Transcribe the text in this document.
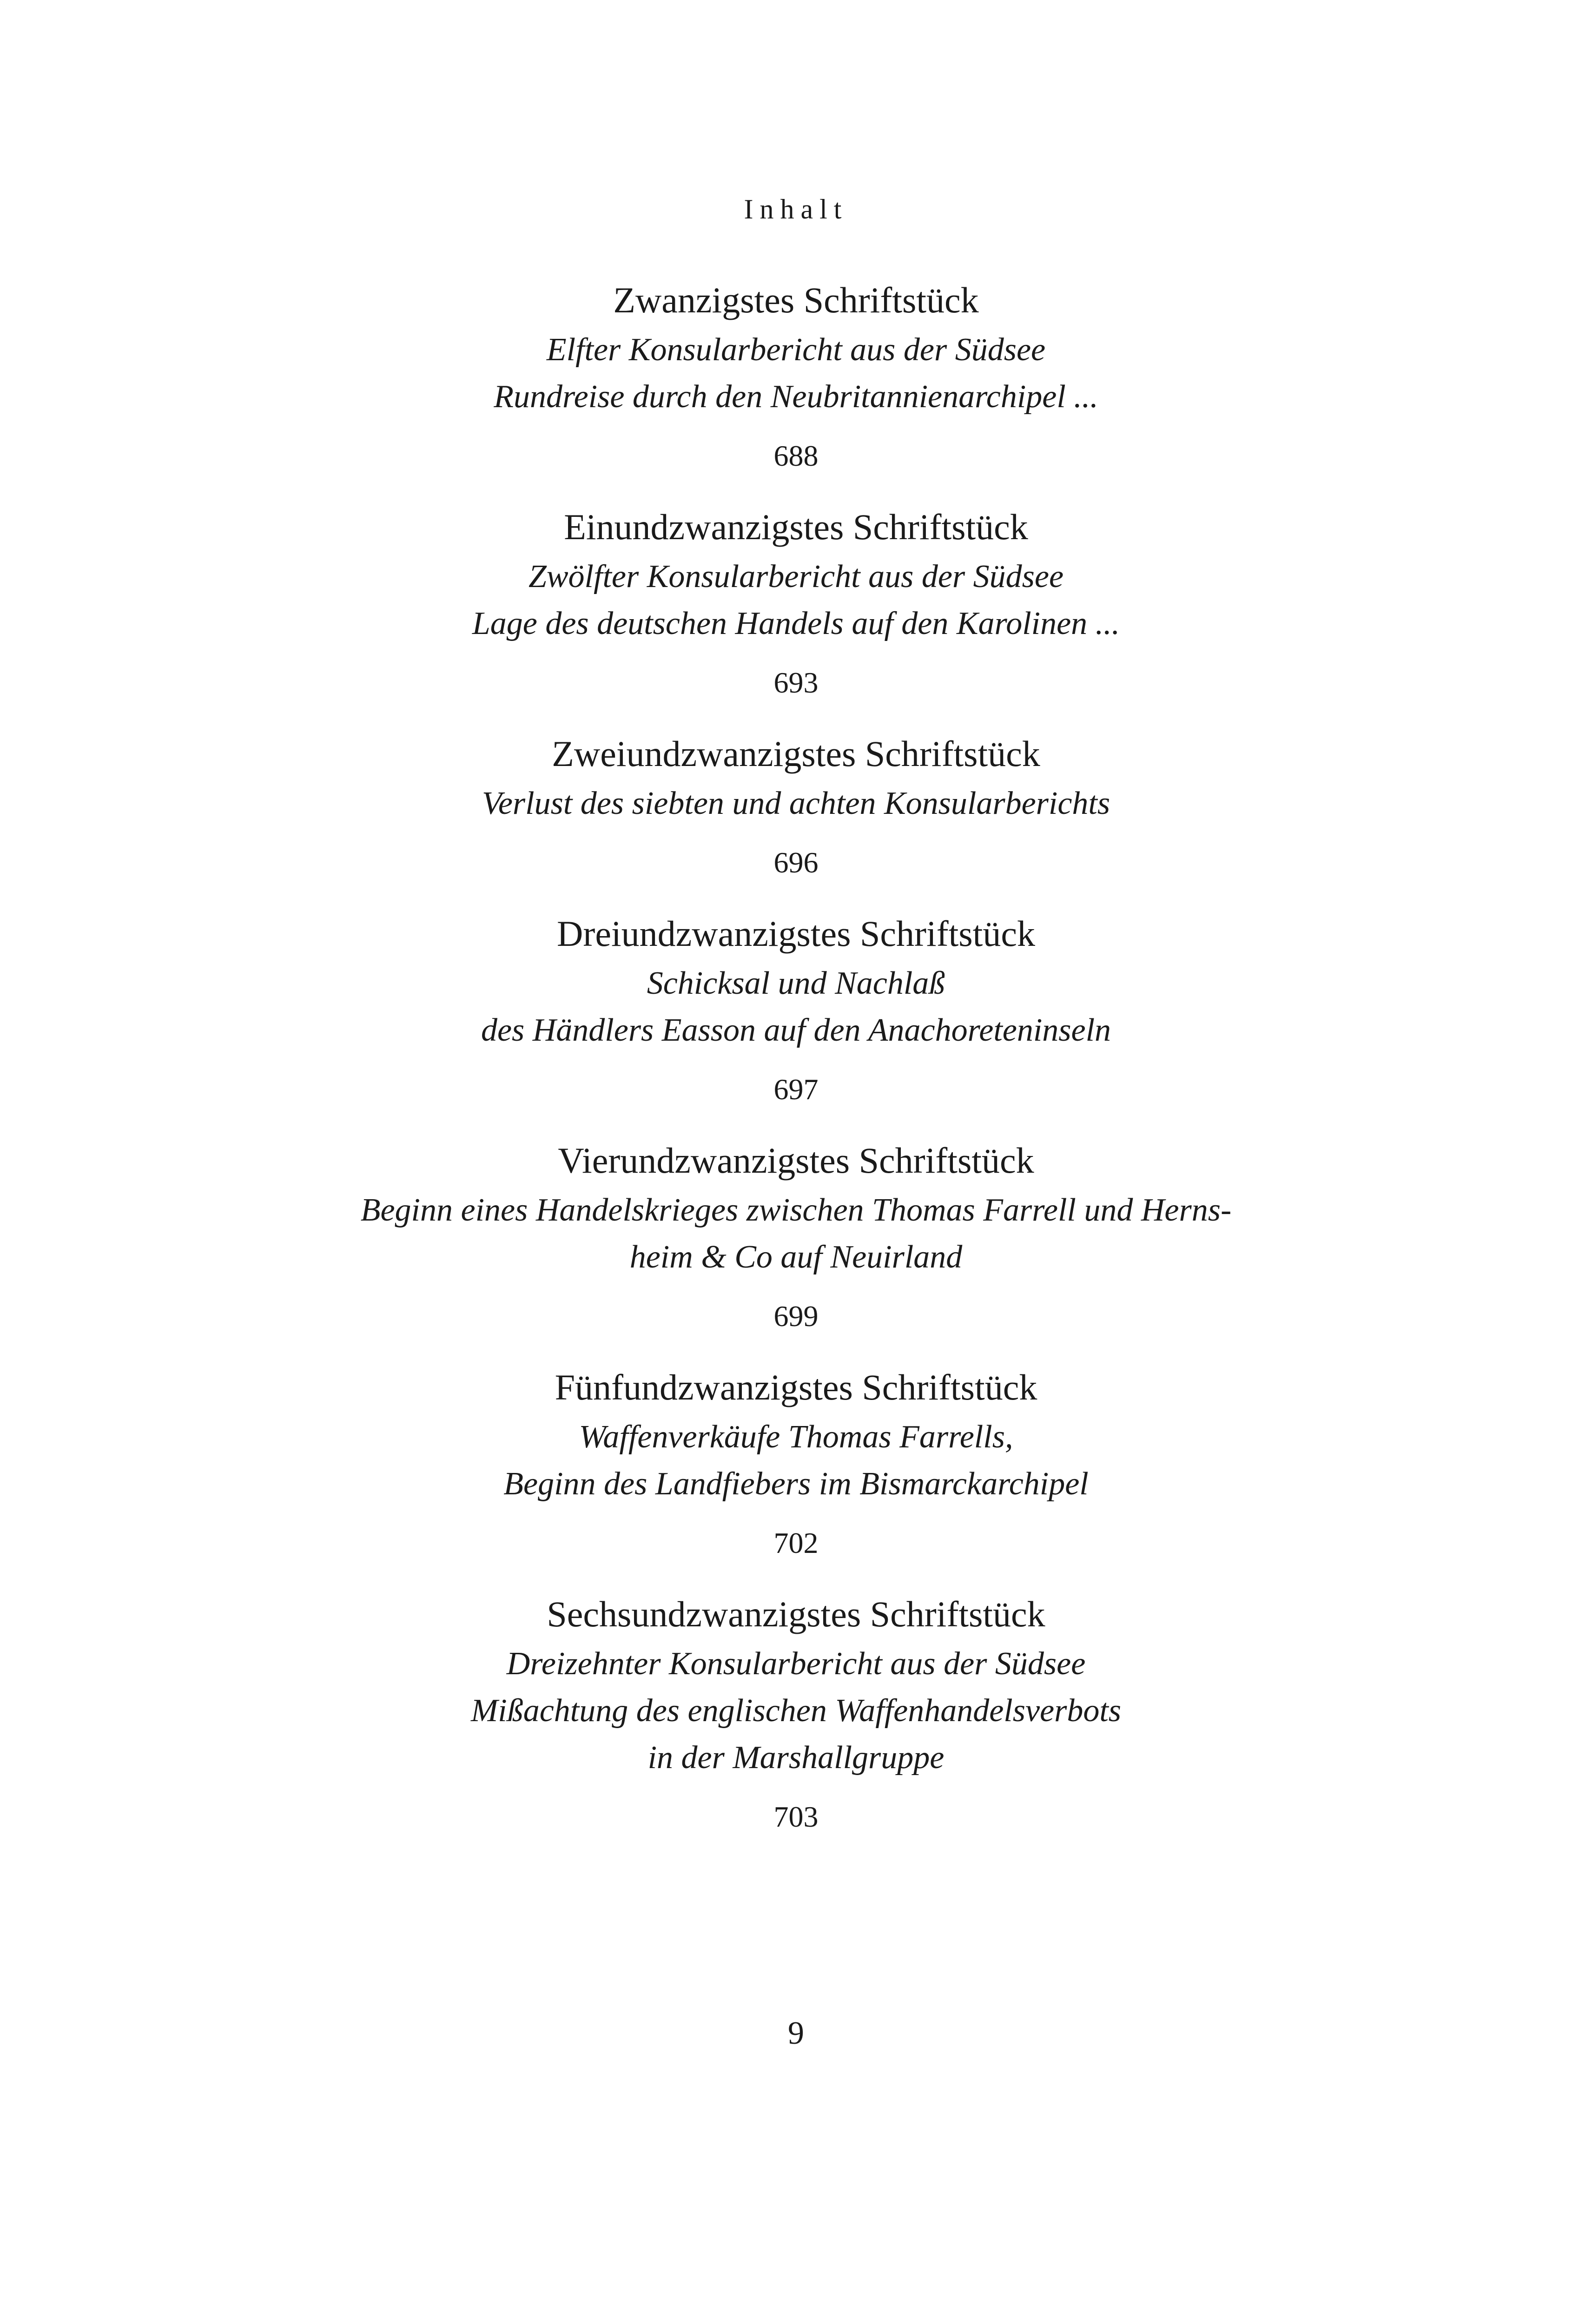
Inhalt
Zwanzigstes Schriftstück
Elfter Konsularbericht aus der Südsee
Rundreise durch den Neubritannienarchipel ...
688
Einundzwanzigstes Schriftstück
Zwölfter Konsularbericht aus der Südsee
Lage des deutschen Handels auf den Karolinen ...
693
Zweiundzwanzigstes Schriftstück
Verlust des siebten und achten Konsularberichts
696
Dreiundzwanzigstes Schriftstück
Schicksal und Nachlaß
des Händlers Easson auf den Anachoreteninseln
697
Vierundzwanzigstes Schriftstück
Beginn eines Handelskrieges zwischen Thomas Farrell und Herns-
heim & Co auf Neuirland
699
Fünfundzwanzigstes Schriftstück
Waffenverkäufe Thomas Farrells,
Beginn des Landfiebers im Bismarckarchipel
702
Sechsundzwanzigstes Schriftstück
Dreizehnter Konsularbericht aus der Südsee
Mißachtung des englischen Waffenhandelsverbots
in der Marshallgruppe
703
9
